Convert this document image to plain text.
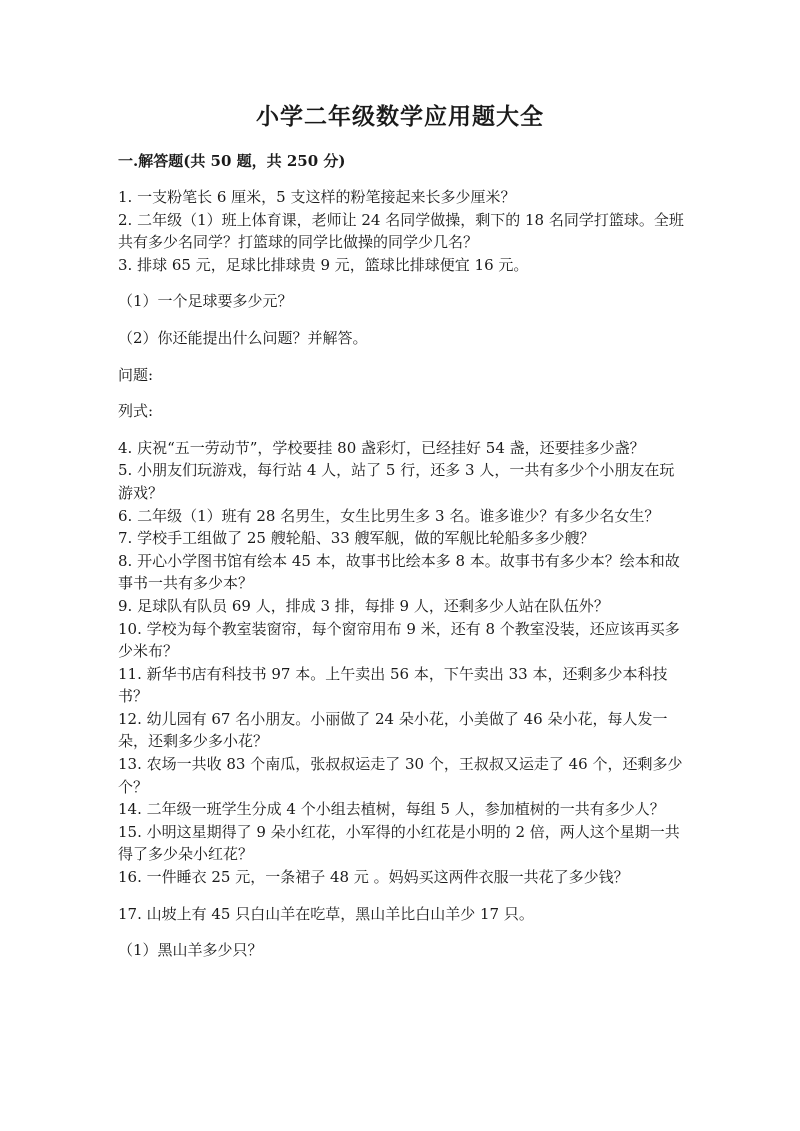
小学二年级数学应用题大全
一.解答题(共 50 题，共 250 分)

1. 一支粉笔长 6 厘米，5 支这样的粉笔接起来长多少厘米？

2. 二年级（1）班上体育课，老师让 24 名同学做操，剩下的 18 名同学打篮球。全班共有多少名同学？打篮球的同学比做操的同学少几名？

3. 排球 65 元，足球比排球贵 9 元，篮球比排球便宜 16 元。

（1）一个足球要多少元？

（2）你还能提出什么问题？并解答。

问题:

列式:

4. 庆祝“五一劳动节”，学校要挂 80 盏彩灯，已经挂好 54 盏，还要挂多少盏？

5. 小朋友们玩游戏，每行站 4 人，站了 5 行，还多 3 人，一共有多少个小朋友在玩游戏？

6. 二年级（1）班有 28 名男生，女生比男生多 3 名。谁多谁少？有多少名女生？

7. 学校手工组做了 25 艘轮船、33 艘军舰，做的军舰比轮船多多少艘？

8. 开心小学图书馆有绘本 45 本，故事书比绘本多 8 本。故事书有多少本？绘本和故事书一共有多少本？

9. 足球队有队员 69 人，排成 3 排，每排 9 人，还剩多少人站在队伍外？

10. 学校为每个教室装窗帘，每个窗帘用布 9 米，还有 8 个教室没装，还应该再买多少米布？

11. 新华书店有科技书 97 本。上午卖出 56 本，下午卖出 33 本，还剩多少本科技书？

12. 幼儿园有 67 名小朋友。小丽做了 24 朵小花，小美做了 46 朵小花，每人发一朵，还剩多少多小花？

13. 农场一共收 83 个南瓜，张叔叔运走了 30 个，王叔叔又运走了 46 个，还剩多少个？

14. 二年级一班学生分成 4 个小组去植树，每组 5 人，参加植树的一共有多少人？

15. 小明这星期得了 9 朵小红花，小军得的小红花是小明的 2 倍，两人这个星期一共得了多少朵小红花？

16. 一件睡衣 25 元，一条裙子 48 元 。妈妈买这两件衣服一共花了多少钱？

17. 山坡上有 45 只白山羊在吃草，黑山羊比白山羊少 17 只。

（1）黑山羊多少只？
